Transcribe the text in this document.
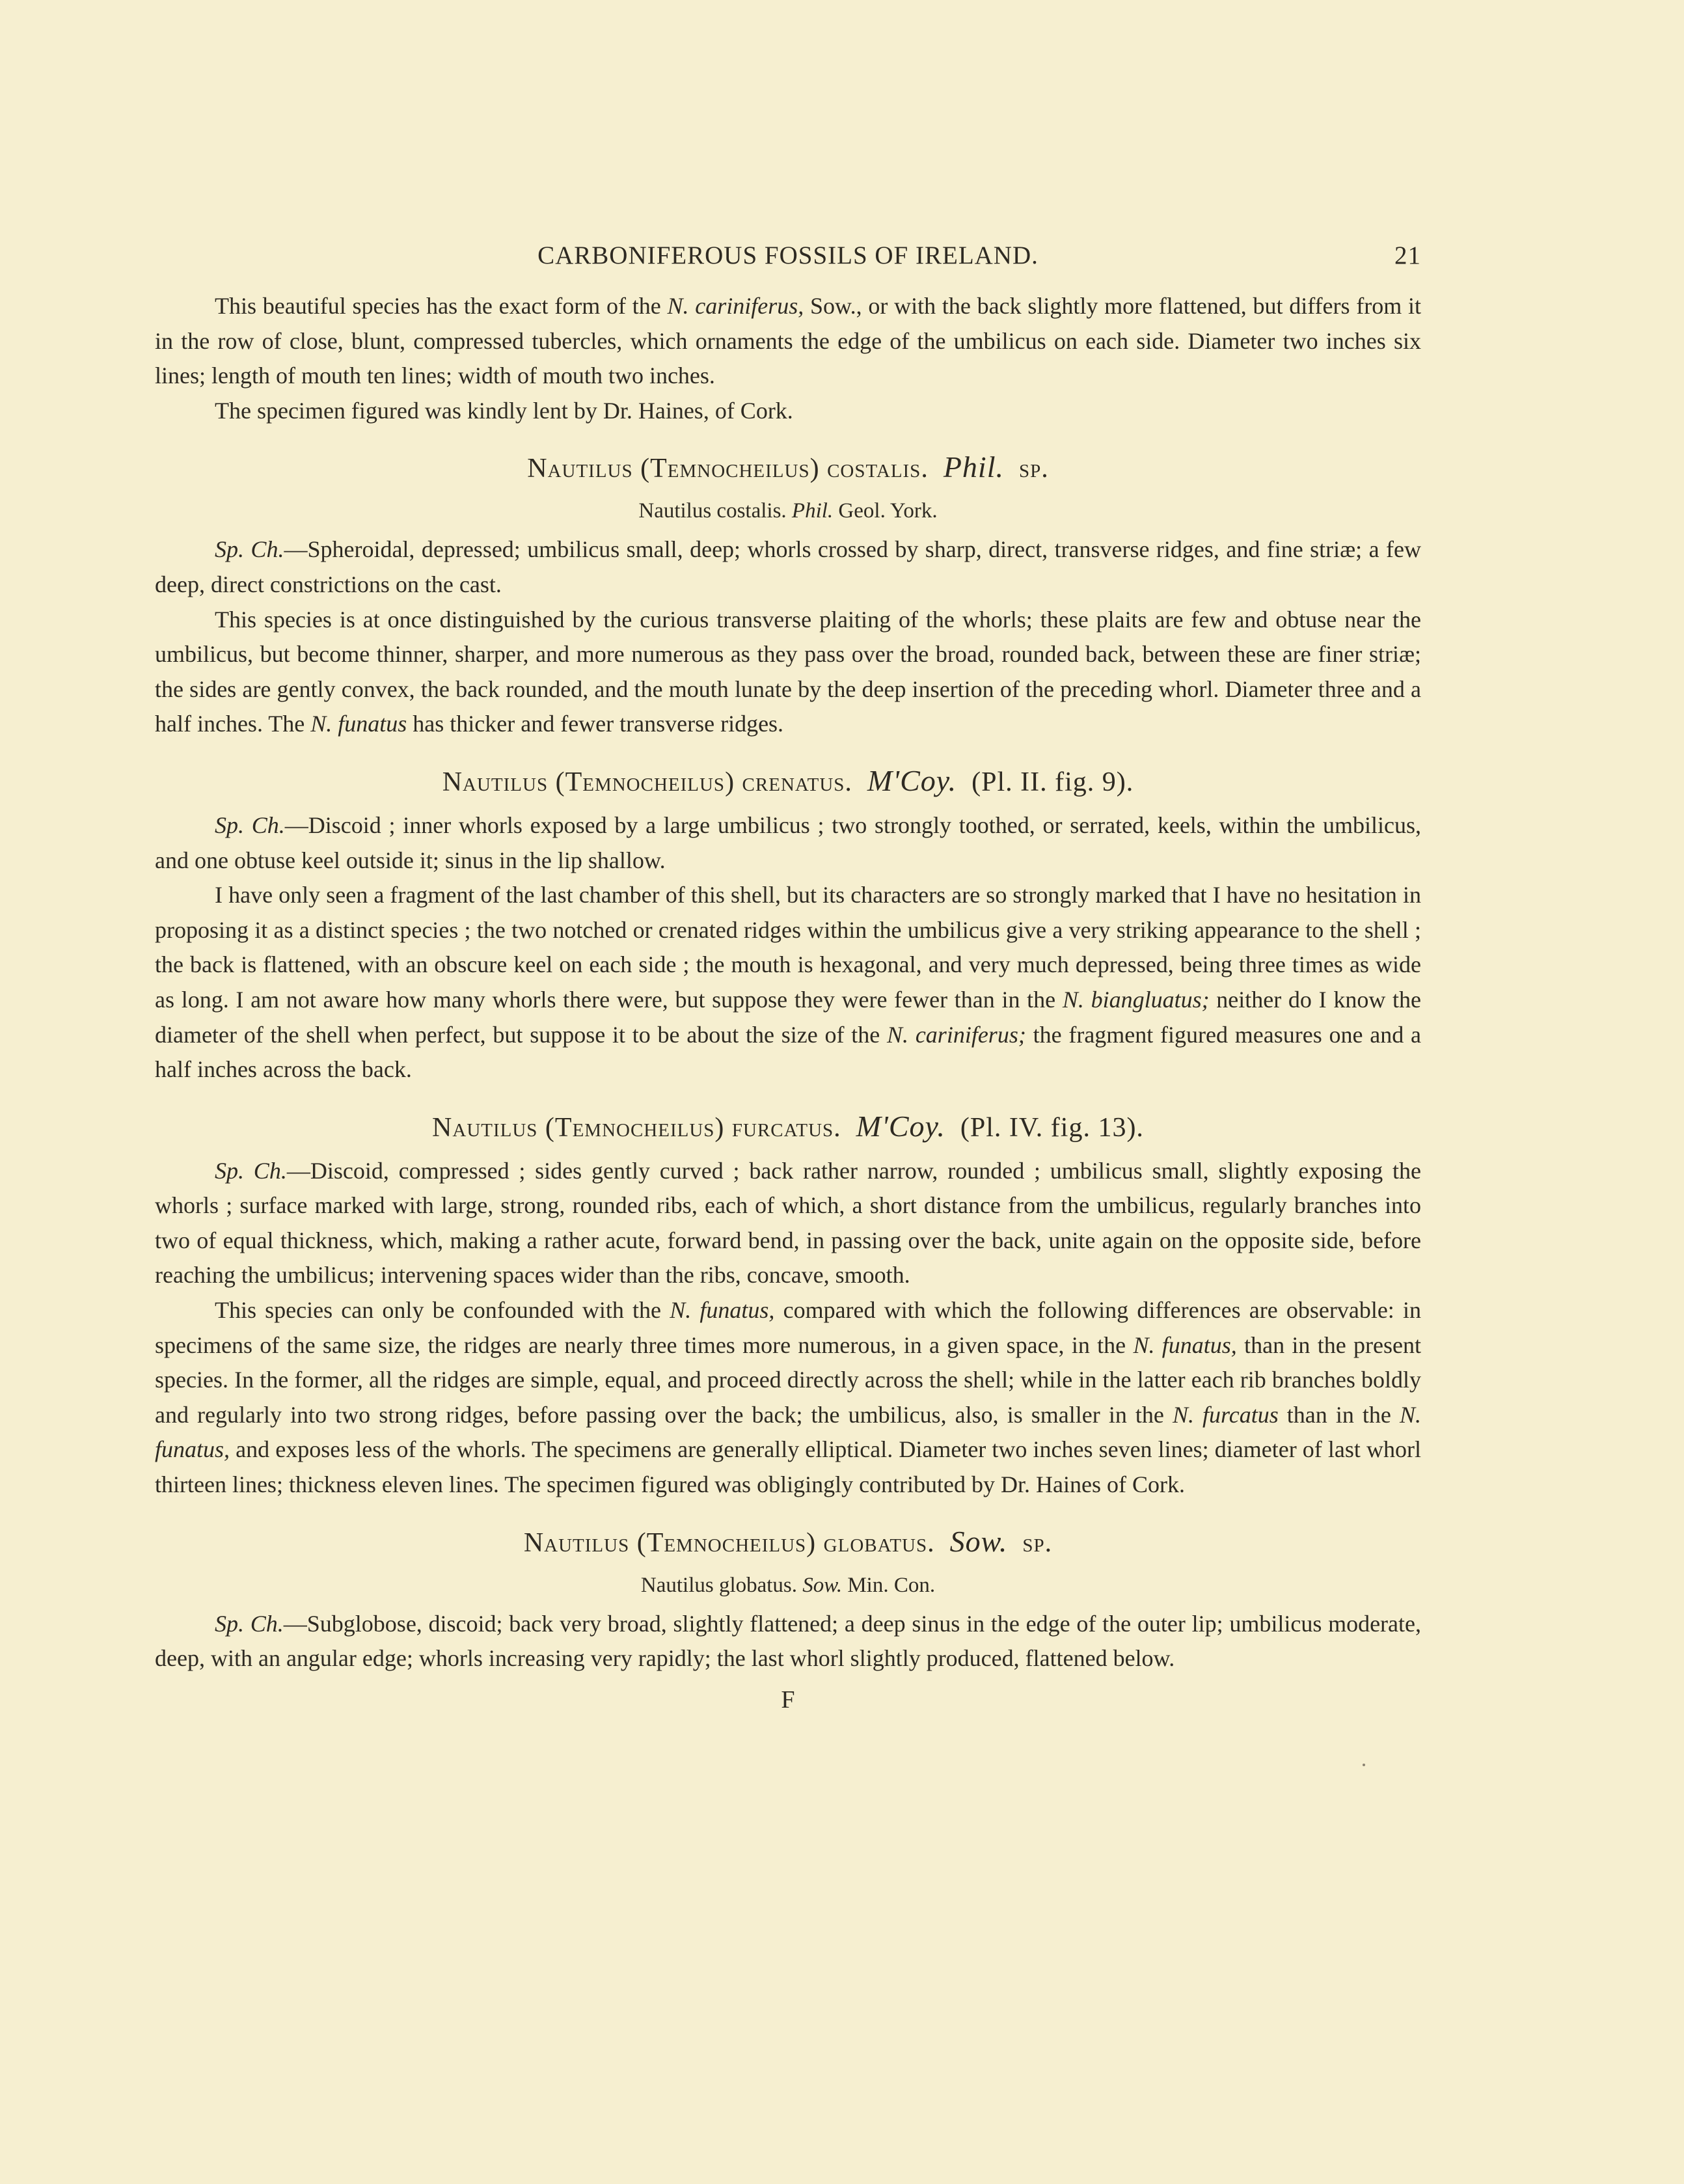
CARBONIFEROUS FOSSILS OF IRELAND.	21

This beautiful species has the exact form of the N. cariniferus, Sow., or with the back slightly more flattened, but differs from it in the row of close, blunt, compressed tubercles, which ornaments the edge of the umbilicus on each side. Diameter two inches six lines; length of mouth ten lines; width of mouth two inches.

The specimen figured was kindly lent by Dr. Haines, of Cork.

Nautilus (Temnocheilus) costalis. Phil. sp.
Nautilus costalis. Phil. Geol. York.

Sp. Ch.—Spheroidal, depressed; umbilicus small, deep; whorls crossed by sharp, direct, transverse ridges, and fine striæ; a few deep, direct constrictions on the cast.

This species is at once distinguished by the curious transverse plaiting of the whorls; these plaits are few and obtuse near the umbilicus, but become thinner, sharper, and more numerous as they pass over the broad, rounded back, between these are finer striæ; the sides are gently convex, the back rounded, and the mouth lunate by the deep insertion of the preceding whorl. Diameter three and a half inches. The N. funatus has thicker and fewer transverse ridges.

Nautilus (Temnocheilus) crenatus. M'Coy. (Pl. II. fig. 9).

Sp. Ch.—Discoid ; inner whorls exposed by a large umbilicus ; two strongly toothed, or serrated, keels, within the umbilicus, and one obtuse keel outside it; sinus in the lip shallow.

I have only seen a fragment of the last chamber of this shell, but its characters are so strongly marked that I have no hesitation in proposing it as a distinct species ; the two notched or crenated ridges within the umbilicus give a very striking appearance to the shell ; the back is flattened, with an obscure keel on each side ; the mouth is hexagonal, and very much depressed, being three times as wide as long. I am not aware how many whorls there were, but suppose they were fewer than in the N. biangluatus; neither do I know the diameter of the shell when perfect, but suppose it to be about the size of the N. cariniferus; the fragment figured measures one and a half inches across the back.

Nautilus (Temnocheilus) furcatus. M'Coy. (Pl. IV. fig. 13).

Sp. Ch.—Discoid, compressed ; sides gently curved ; back rather narrow, rounded ; umbilicus small, slightly exposing the whorls ; surface marked with large, strong, rounded ribs, each of which, a short distance from the umbilicus, regularly branches into two of equal thickness, which, making a rather acute, forward bend, in passing over the back, unite again on the opposite side, before reaching the umbilicus; intervening spaces wider than the ribs, concave, smooth.

This species can only be confounded with the N. funatus, compared with which the following differences are observable: in specimens of the same size, the ridges are nearly three times more numerous, in a given space, in the N. funatus, than in the present species. In the former, all the ridges are simple, equal, and proceed directly across the shell; while in the latter each rib branches boldly and regularly into two strong ridges, before passing over the back; the umbilicus, also, is smaller in the N. furcatus than in the N. funatus, and exposes less of the whorls. The specimens are generally elliptical. Diameter two inches seven lines; diameter of last whorl thirteen lines; thickness eleven lines. The specimen figured was obligingly contributed by Dr. Haines of Cork.

Nautilus (Temnocheilus) globatus. Sow. sp.
Nautilus globatus. Sow. Min. Con.

Sp. Ch.—Subglobose, discoid; back very broad, slightly flattened; a deep sinus in the edge of the outer lip; umbilicus moderate, deep, with an angular edge; whorls increasing very rapidly; the last whorl slightly produced, flattened below.

F
